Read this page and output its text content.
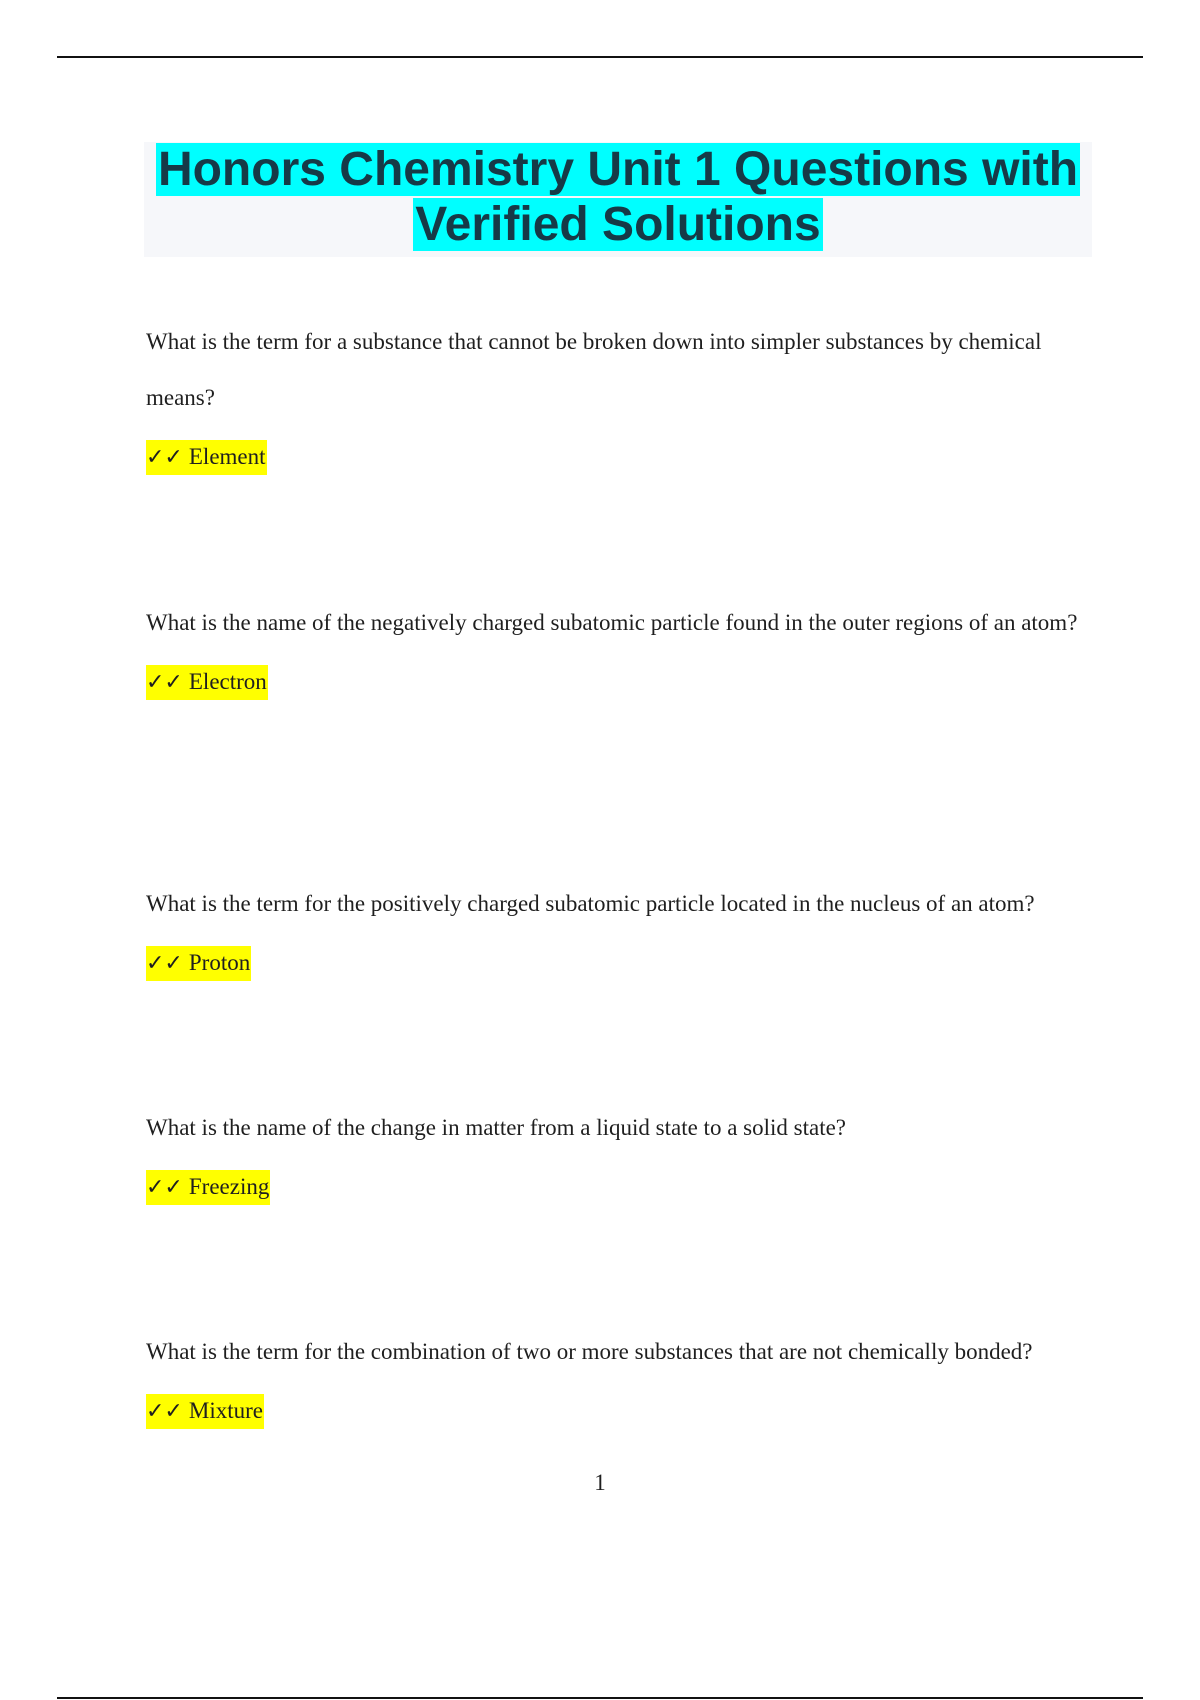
Honors Chemistry Unit 1 Questions with
Verified Solutions

What is the term for a substance that cannot be broken down into simpler substances by chemical means?

✓✓ Element

What is the name of the negatively charged subatomic particle found in the outer regions of an atom?

✓✓ Electron

What is the term for the positively charged subatomic particle located in the nucleus of an atom?

✓✓ Proton

What is the name of the change in matter from a liquid state to a solid state?

✓✓ Freezing

What is the term for the combination of two or more substances that are not chemically bonded?

✓✓ Mixture
1
